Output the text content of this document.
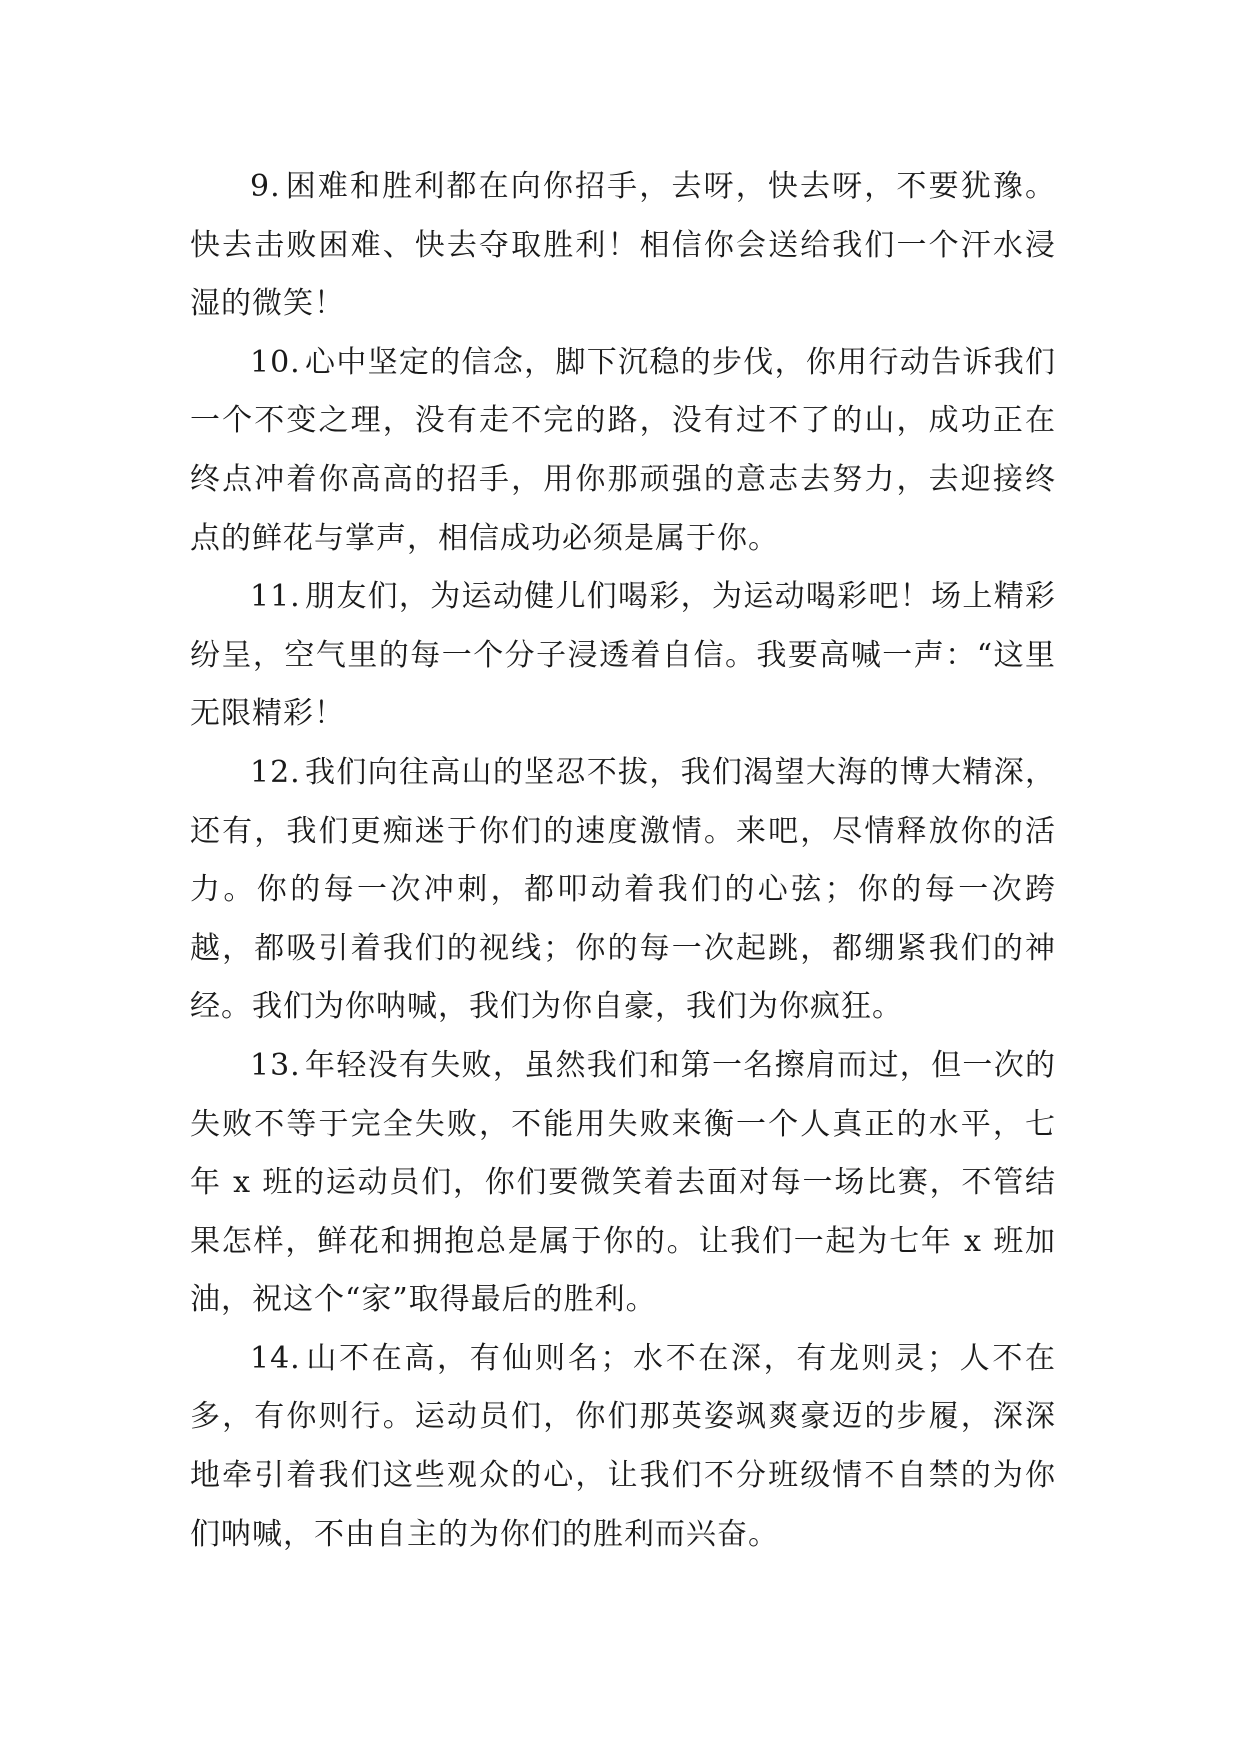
9. 困难和胜利都在向你招手，去呀，快去呀，不要犹豫。快去击败困难、快去夺取胜利！相信你会送给我们一个汗水浸湿的微笑！

10. 心中坚定的信念，脚下沉稳的步伐，你用行动告诉我们一个不变之理，没有走不完的路，没有过不了的山，成功正在终点冲着你高高的招手，用你那顽强的意志去努力，去迎接终点的鲜花与掌声，相信成功必须是属于你。

11. 朋友们，为运动健儿们喝彩，为运动喝彩吧！场上精彩纷呈，空气里的每一个分子浸透着自信。我要高喊一声：“这里无限精彩！

12. 我们向往高山的坚忍不拔，我们渴望大海的博大精深，还有，我们更痴迷于你们的速度激情。来吧，尽情释放你的活力。你的每一次冲刺，都叩动着我们的心弦；你的每一次跨越，都吸引着我们的视线；你的每一次起跳，都绷紧我们的神经。我们为你呐喊，我们为你自豪，我们为你疯狂。

13. 年轻没有失败，虽然我们和第一名擦肩而过，但一次的失败不等于完全失败，不能用失败来衡一个人真正的水平，七年 x 班的运动员们，你们要微笑着去面对每一场比赛，不管结果怎样，鲜花和拥抱总是属于你的。让我们一起为七年 x 班加油，祝这个“家”取得最后的胜利。

14. 山不在高，有仙则名；水不在深，有龙则灵；人不在多，有你则行。运动员们，你们那英姿飒爽豪迈的步履，深深地牵引着我们这些观众的心，让我们不分班级情不自禁的为你们呐喊，不由自主的为你们的胜利而兴奋。
